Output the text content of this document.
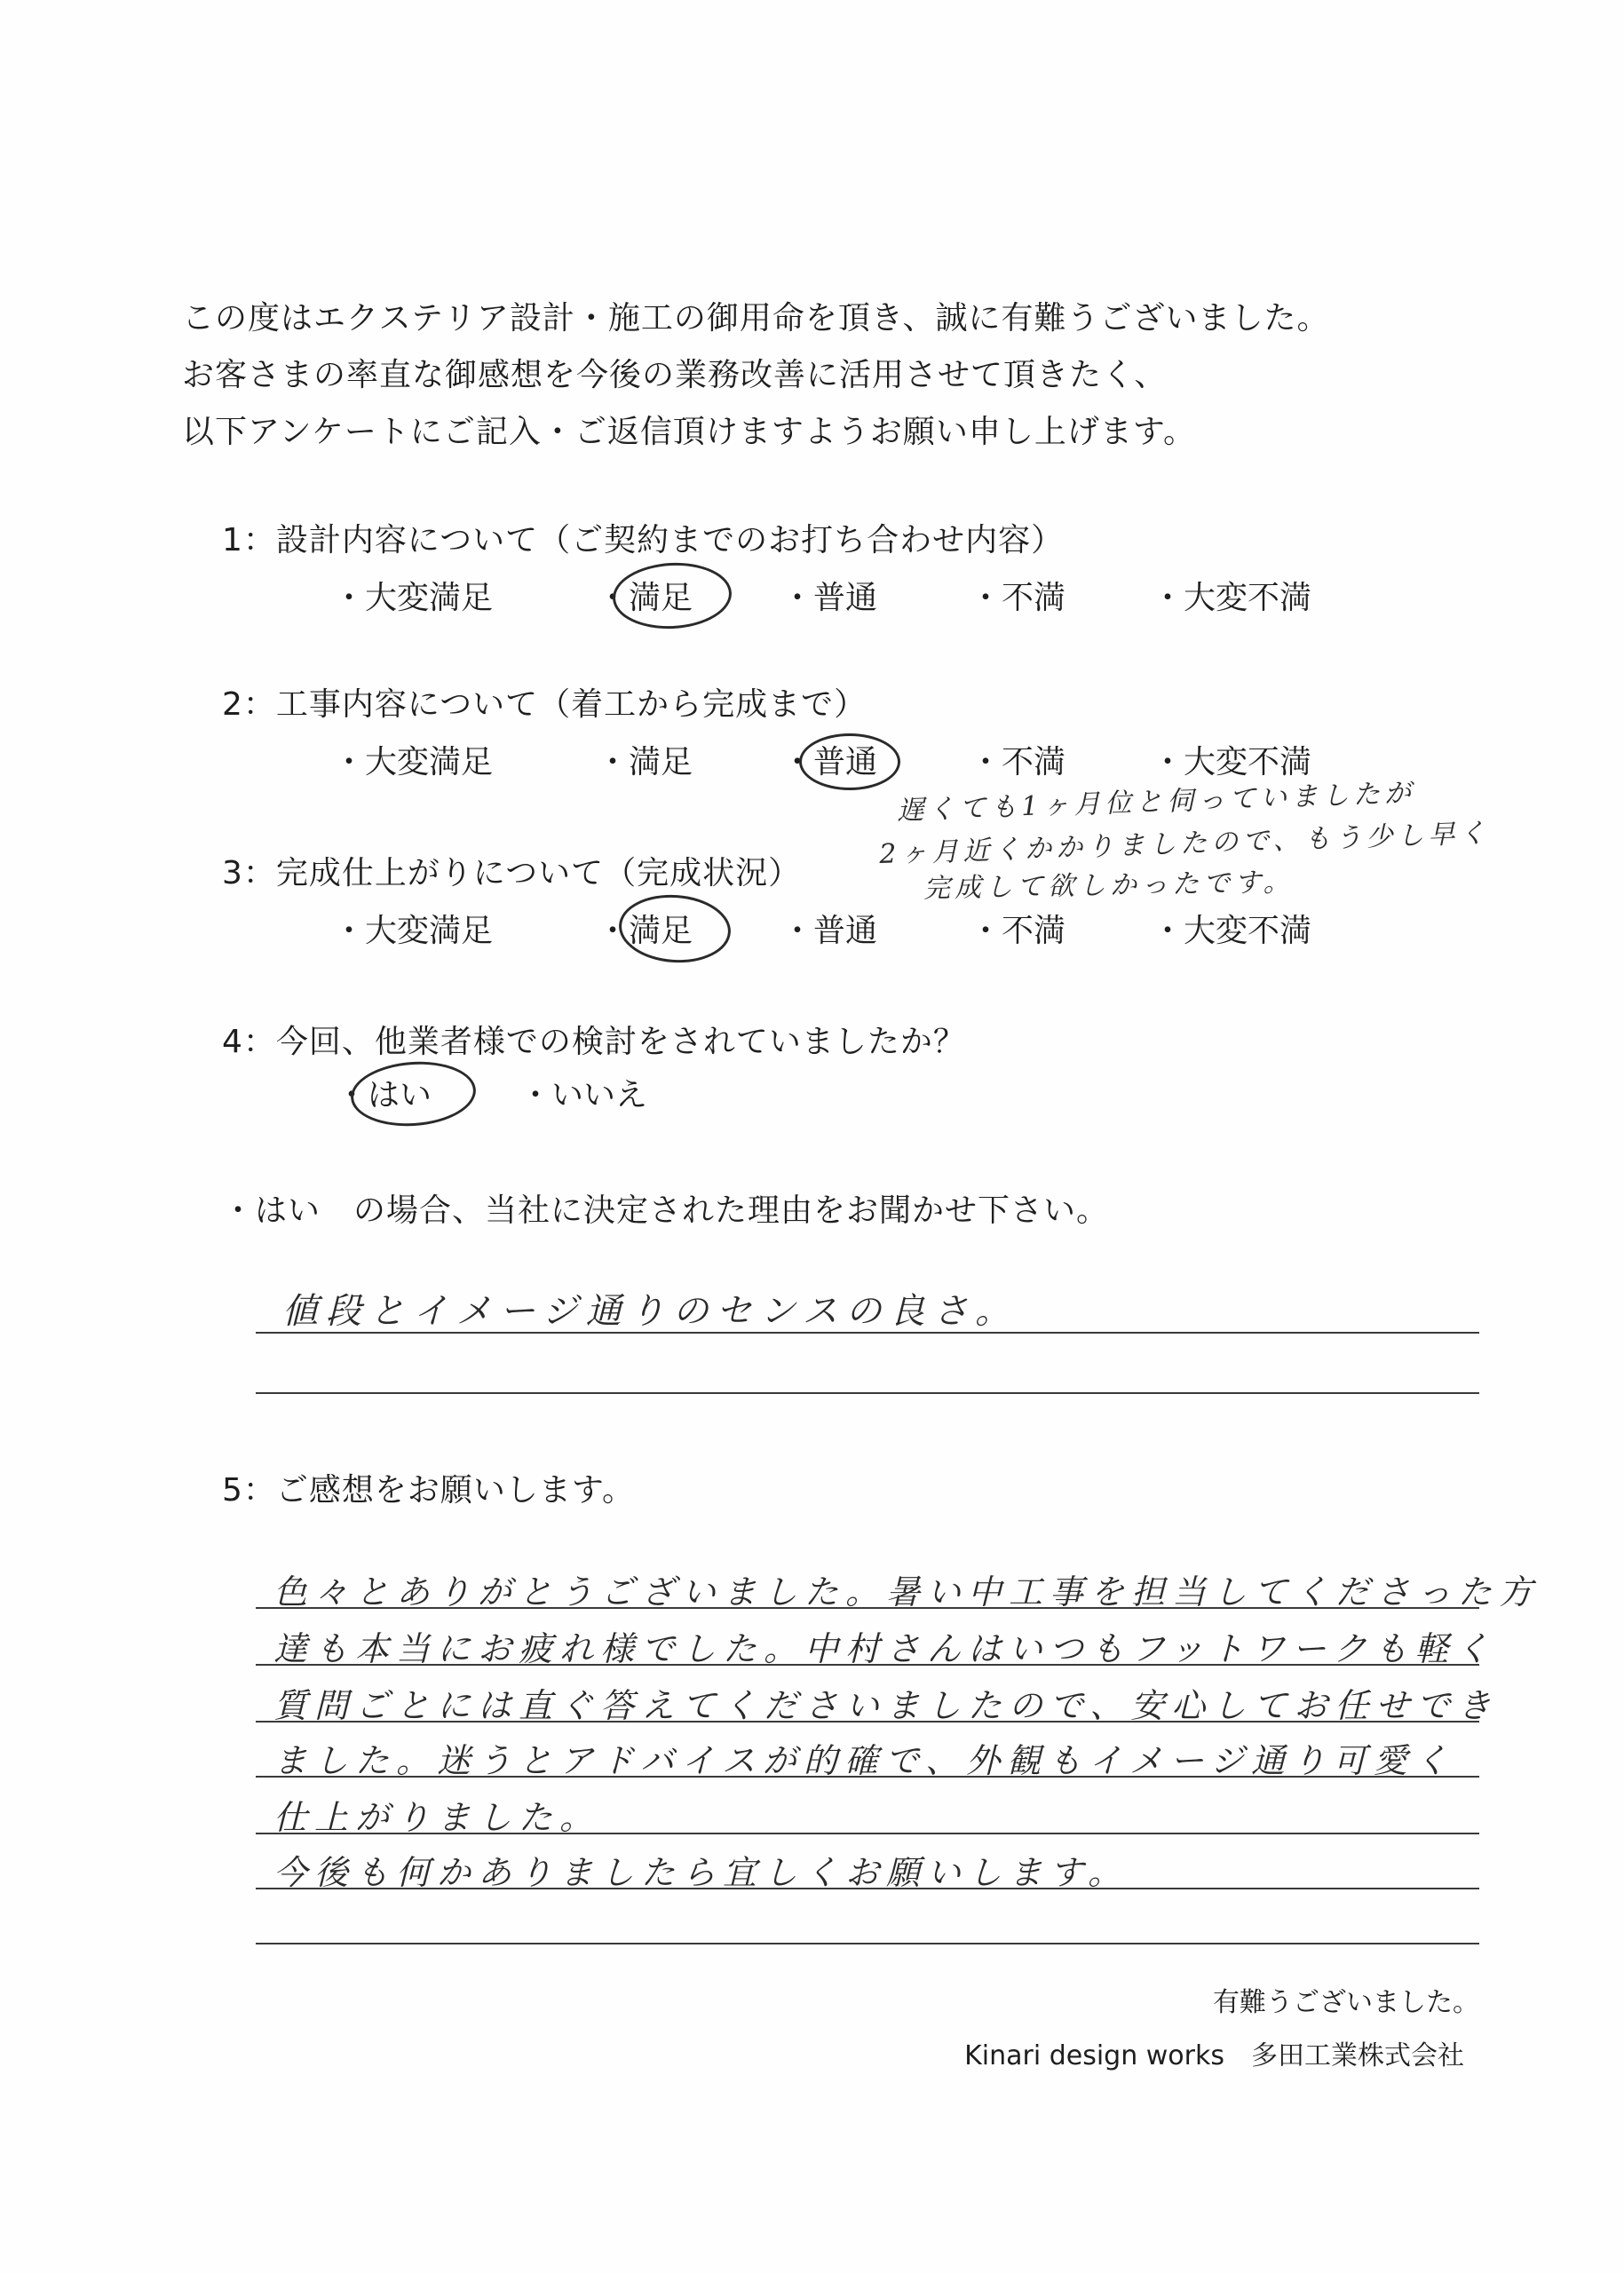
この度はエクステリア設計・施工の御用命を頂き、誠に有難うございました。
お客さまの率直な御感想を今後の業務改善に活用させて頂きたく、
以下アンケートにご記入・ご返信頂けますようお願い申し上げます。
1：設計内容について（ご契約までのお打ち合わせ内容）
・大変満足	・満足	・普通	・不満	・大変不満
2：工事内容について（着工から完成まで）
・大変満足	・満足	・普通	・不満	・大変不満
遅くても1ヶ月位と伺っていましたが
2ヶ月近くかかりましたので、もう少し早く
完成して欲しかったです。
3：完成仕上がりについて（完成状況）
・大変満足	・満足	・普通	・不満	・大変不満
4：今回、他業者様での検討をされていましたか？
・はい	・いいえ
・はい　の場合、当社に決定された理由をお聞かせ下さい。
値段とイメージ通りのセンスの良さ。
5：ご感想をお願いします。
色々とありがとうございました。暑い中工事を担当してくださった方
達も本当にお疲れ様でした。中村さんはいつもフットワークも軽く
質問ごとには直ぐ答えてくださいましたので、安心してお任せでき
ました。迷うとアドバイスが的確で、外観もイメージ通り可愛く
仕上がりました。
今後も何かありましたら宜しくお願いします。
有難うございました。
Kinari design works　多田工業株式会社
